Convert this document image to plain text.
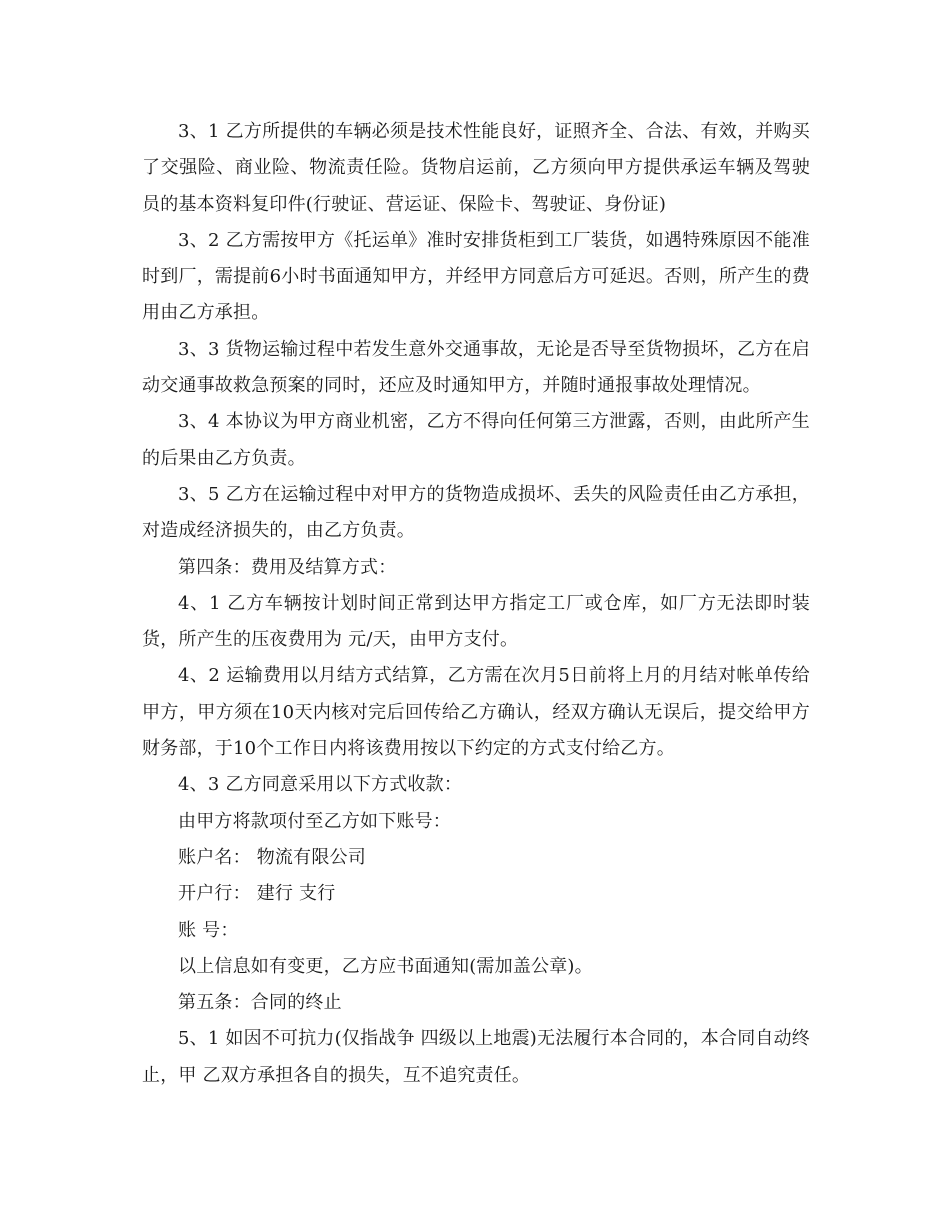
3、1 乙方所提供的车辆必须是技术性能良好，证照齐全、合法、有效，并购买了交强险、商业险、物流责任险。货物启运前，乙方须向甲方提供承运车辆及驾驶员的基本资料复印件(行驶证、营运证、保险卡、驾驶证、身份证)

3、2 乙方需按甲方《托运单》准时安排货柜到工厂装货，如遇特殊原因不能准时到厂，需提前6小时书面通知甲方，并经甲方同意后方可延迟。否则，所产生的费用由乙方承担。

3、3 货物运输过程中若发生意外交通事故，无论是否导至货物损坏，乙方在启动交通事故救急预案的同时，还应及时通知甲方，并随时通报事故处理情况。

3、4 本协议为甲方商业机密，乙方不得向任何第三方泄露，否则，由此所产生的后果由乙方负责。

3、5 乙方在运输过程中对甲方的货物造成损坏、丢失的风险责任由乙方承担，对造成经济损失的，由乙方负责。

第四条：费用及结算方式：

4、1 乙方车辆按计划时间正常到达甲方指定工厂或仓库，如厂方无法即时装货，所产生的压夜费用为 元/天，由甲方支付。

4、2 运输费用以月结方式结算，乙方需在次月5日前将上月的月结对帐单传给甲方，甲方须在10天内核对完后回传给乙方确认，经双方确认无误后，提交给甲方财务部，于10个工作日内将该费用按以下约定的方式支付给乙方。

4、3 乙方同意采用以下方式收款：

由甲方将款项付至乙方如下账号：

账户名： 物流有限公司

开户行： 建行 支行

账 号：

以上信息如有变更，乙方应书面通知(需加盖公章)。

第五条：合同的终止

5、1 如因不可抗力(仅指战争 四级以上地震)无法履行本合同的，本合同自动终止，甲 乙双方承担各自的损失，互不追究责任。
